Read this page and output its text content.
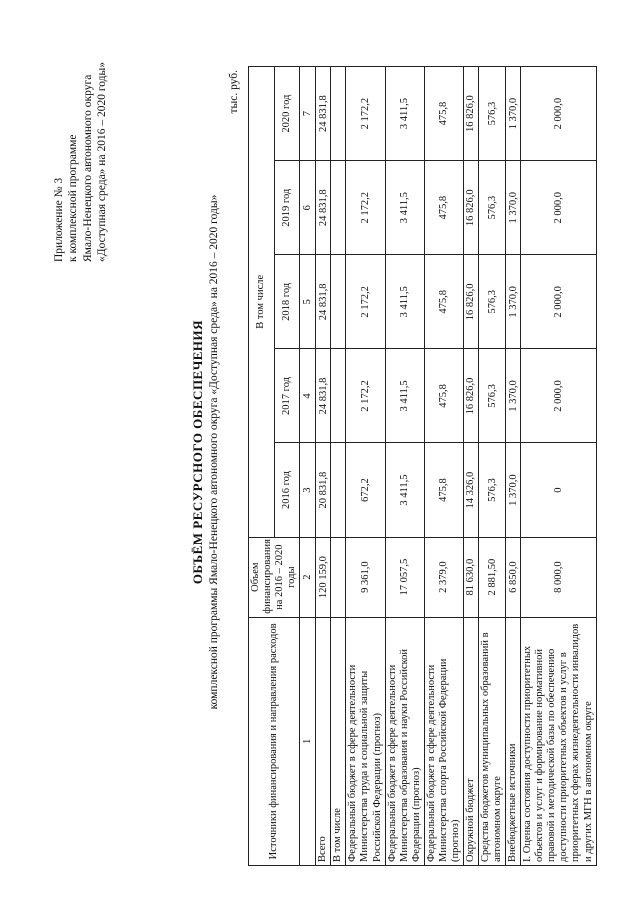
Приложение № 3 к комплексной программе Ямало-Ненецкого автономного округа «Доступная среда» на 2016 – 2020 годы»
ОБЪЁМ РЕСУРСНОГО ОБЕСПЕЧЕНИЯ комплексной программы Ямало-Ненецкого автономного округа «Доступная среда» на 2016 – 2020 годы»
тыс. руб.
Источники финансирования и направления расходов	Объем финансирования на 2016 – 2020 годы	В том числе				
		2016 год	2017 год	2018 год	2019 год	2020 год
1	2	3	4	5	6	7
Всего	120 159,0	20 831,8	24 831,8	24 831,8	24 831,8	24 831,8
В том числе						
Федеральный бюджет в сфере деятельности Министерства труда и социальной защиты Российской Федерации (прогноз)	9 361,0	672,2	2 172,2	2 172,2	2 172,2	2 172,2
Федеральный бюджет в сфере деятельности Министерства образования и науки Российской Федерации (прогноз)	17 057,5	3 411,5	3 411,5	3 411,5	3 411,5	3 411,5
Федеральный бюджет в сфере деятельности Министерства спорта Российской Федерации (прогноз)	2 379,0	475,8	475,8	475,8	475,8	475,8
Окружной бюджет	81 630,0	14 326,0	16 826,0	16 826,0	16 826,0	16 826,0
Средства бюджетов муниципальных образований в автономном округе	2 881,50	576,3	576,3	576,3	576,3	576,3
Внебюджетные источники	6 850,0	1 370,0	1 370,0	1 370,0	1 370,0	1 370,0
I. Оценка состояния доступности приоритетных объектов и услуг и формирование нормативной правовой и методической базы по обеспечению доступности приоритетных объектов и услуг в приоритетных сферах жизнедеятельности инвалидов и других МГН в автономном округе	8 000,0	0	2 000,0	2 000,0	2 000,0	2 000,0
